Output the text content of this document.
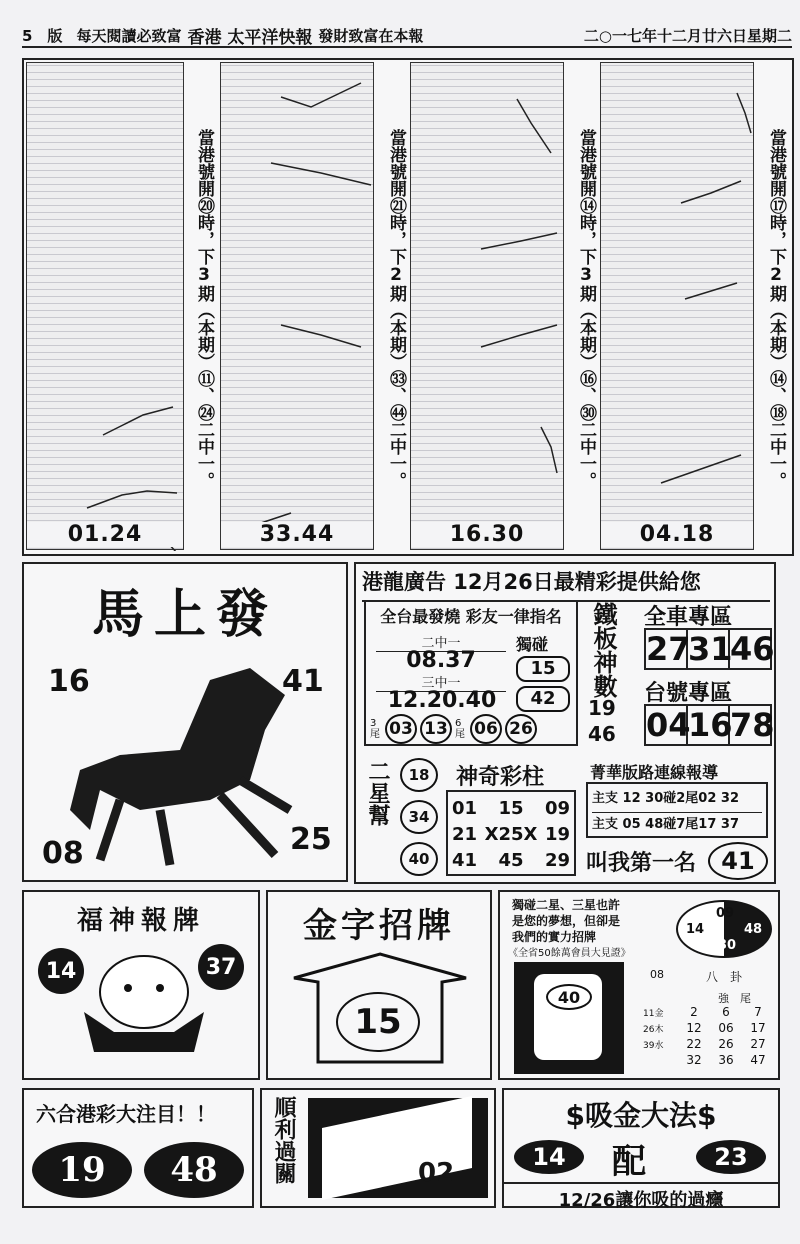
5　版 每天閱讀必致富 香港 太平洋快報 發財致富在本報	二○一七年十二月廿六日星期二
01.24
當港號開⑳時，下3期（本期）⑪、㉔二中一。
33.44
當港號開㉑時，下2期（本期）㉝、㊹二中一。
16.30
當港號開⑭時，下3期（本期）⑯、㉚二中一。
04.18
當港號開⑰時，下2期（本期）⑭、⑱二中一。
馬上發
16	41
08	25
港龍廣告 12月26日最精彩提供給您
全台最發燒 彩友一律指名
二中一
08.37
三中一
12.20.40
獨碰
15
42
3尾 03 13 6尾 06 26
鐵板神數
19
46
全車專區
27
31
46
台號專區
04
16
78
二星幫	18
34
40
神奇彩柱
01 15 09
21 X25X 19
41 45 29
菁華版路連線報導
主支 12 30碰2尾02 32
主支 05 48碰7尾17 37
叫我第一名	41
福神報牌
14	37
金字招牌
15
獨碰二星、三星也許
是您的夢想，但卻是
我們的實力招牌
《全省50餘萬會員大見證》
40
09
14	48
30
08	八　卦
強　尾
11金	2	6	7
26木	12	06	17
39水	22	26	27
	32	36	47
六合港彩大注目！！
19	48	順利過關	02
$吸金大法$
14	配	23
12/26讓你吸的過癮
